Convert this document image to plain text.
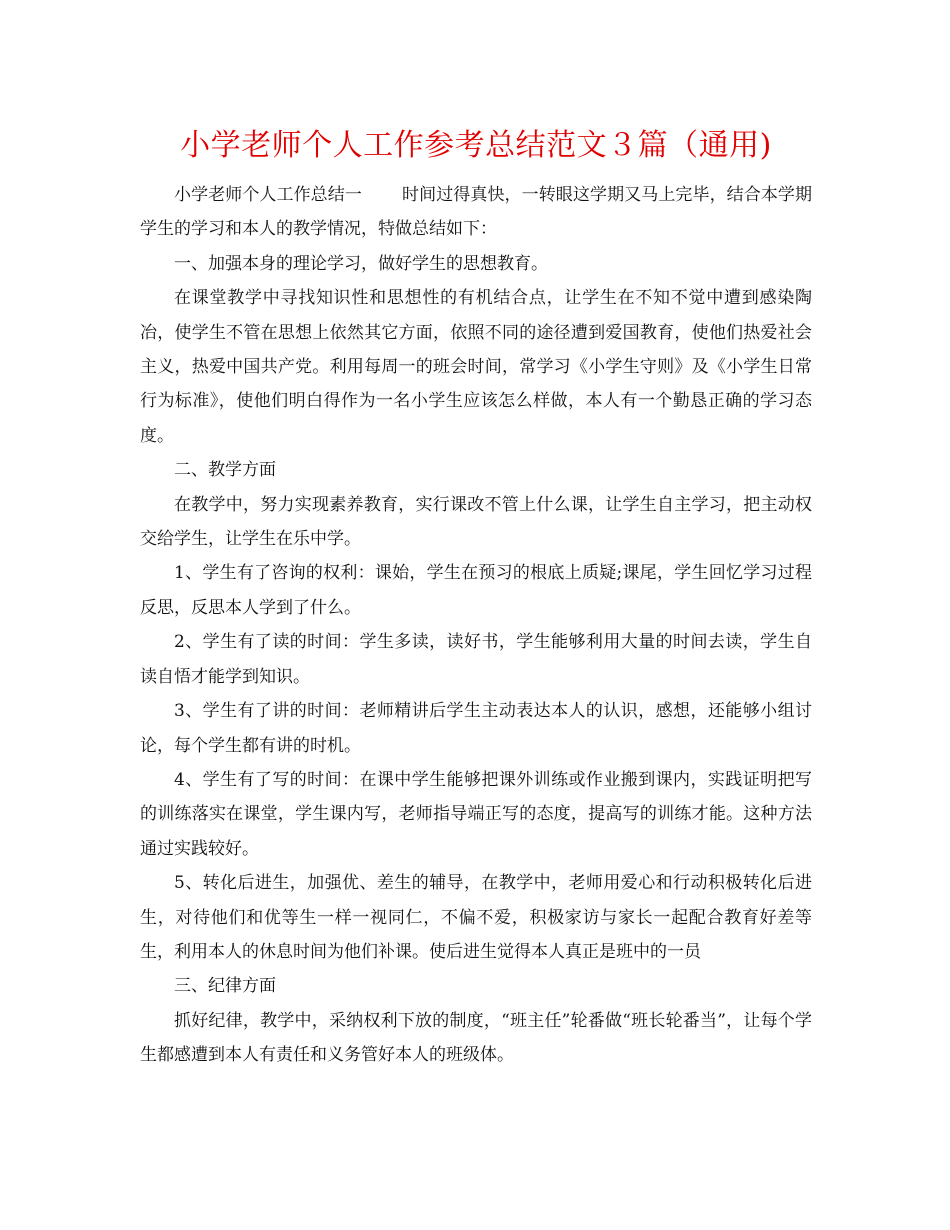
小学老师个人工作参考总结范文３篇（通用)

小学老师个人工作总结一 时间过得真快，一转眼这学期又马上完毕，结合本学期学生的学习和本人的教学情况，特做总结如下：

一、加强本身的理论学习，做好学生的思想教育。

在课堂教学中寻找知识性和思想性的有机结合点，让学生在不知不觉中遭到感染陶冶，使学生不管在思想上依然其它方面，依照不同的途径遭到爱国教育，使他们热爱社会主义，热爱中国共产党。利用每周一的班会时间，常学习《小学生守则》及《小学生日常行为标准》，使他们明白得作为一名小学生应该怎么样做，本人有一个勤恳正确的学习态度。

二、教学方面

在教学中，努力实现素养教育，实行课改不管上什么课，让学生自主学习，把主动权交给学生，让学生在乐中学。

1、学生有了咨询的权利：课始，学生在预习的根底上质疑;课尾，学生回忆学习过程反思，反思本人学到了什么。

2、学生有了读的时间：学生多读，读好书，学生能够利用大量的时间去读，学生自读自悟才能学到知识。

3、学生有了讲的时间：老师精讲后学生主动表达本人的认识，感想，还能够小组讨论，每个学生都有讲的时机。

4、学生有了写的时间：在课中学生能够把课外训练或作业搬到课内，实践证明把写的训练落实在课堂，学生课内写，老师指导端正写的态度，提高写的训练才能。这种方法通过实践较好。

5、转化后进生，加强优、差生的辅导，在教学中，老师用爱心和行动积极转化后进生，对待他们和优等生一样一视同仁，不偏不爱，积极家访与家长一起配合教育好差等生，利用本人的休息时间为他们补课。使后进生觉得本人真正是班中的一员

三、纪律方面

抓好纪律，教学中，采纳权利下放的制度，“班主任”轮番做“班长轮番当”，让每个学生都感遭到本人有责任和义务管好本人的班级体。
